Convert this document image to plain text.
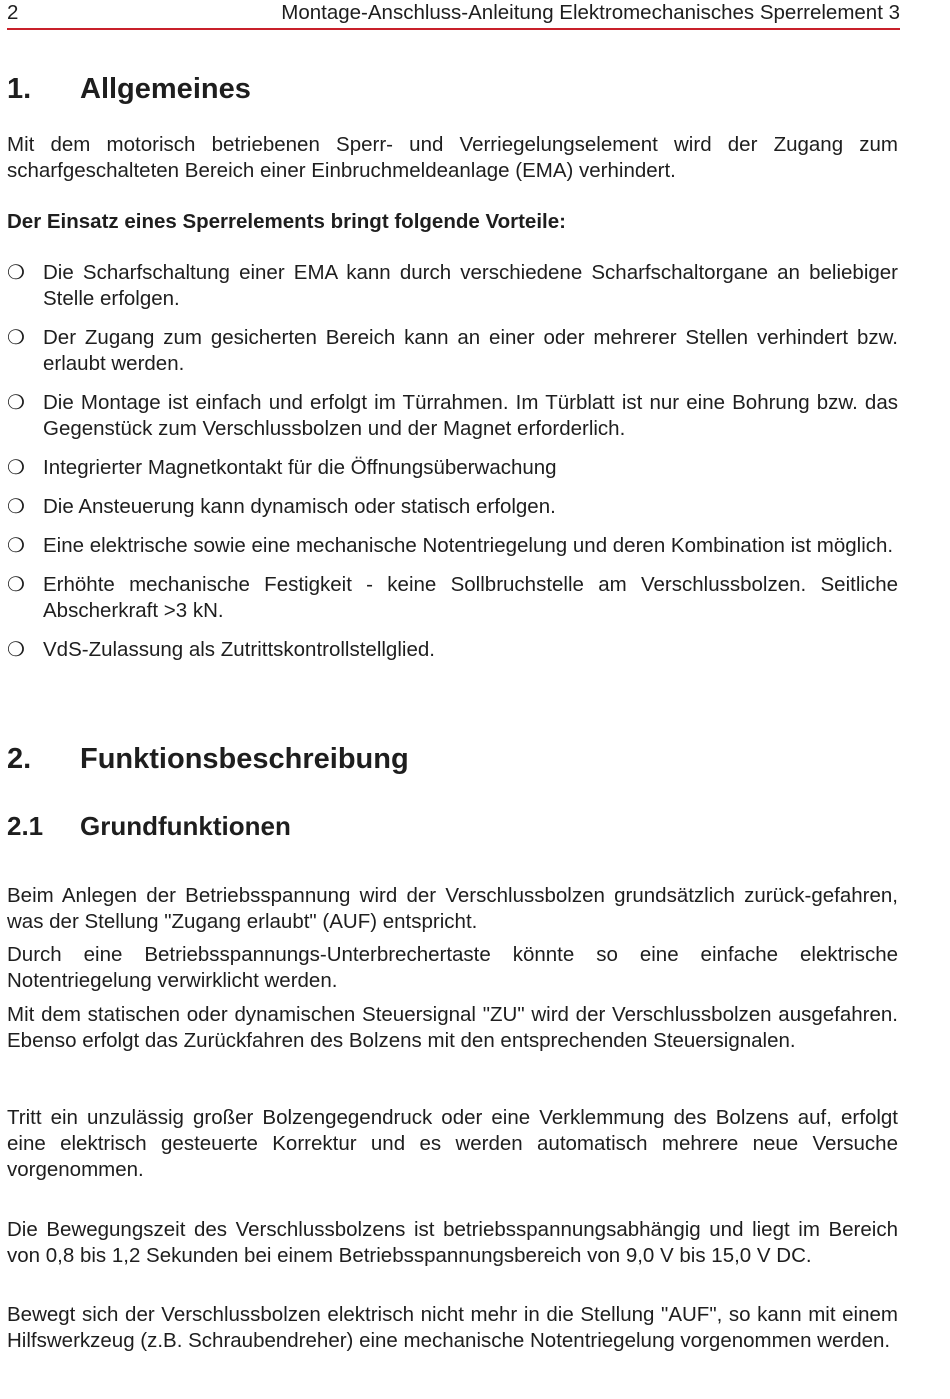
2	Montage-Anschluss-Anleitung Elektromechanisches Sperrelement 3
1. Allgemeines

Mit dem motorisch betriebenen Sperr- und Verriegelungselement wird der Zugang zum scharfgeschalteten Bereich einer Einbruchmeldeanlage (EMA) verhindert.

Der Einsatz eines Sperrelements bringt folgende Vorteile:

❍ Die Scharfschaltung einer EMA kann durch verschiedene Scharfschaltorgane an beliebiger Stelle erfolgen.
❍ Der Zugang zum gesicherten Bereich kann an einer oder mehrerer Stellen verhindert bzw. erlaubt werden.
❍ Die Montage ist einfach und erfolgt im Türrahmen. Im Türblatt ist nur eine Bohrung bzw. das Gegenstück zum Verschlussbolzen und der Magnet erforderlich.
❍ Integrierter Magnetkontakt für die Öffnungsüberwachung
❍ Die Ansteuerung kann dynamisch oder statisch erfolgen.
❍ Eine elektrische sowie eine mechanische Notentriegelung und deren Kombination ist möglich.
❍ Erhöhte mechanische Festigkeit - keine Sollbruchstelle am Verschlussbolzen. Seitliche Abscherkraft >3 kN.
❍ VdS-Zulassung als Zutrittskontrollstellglied.
2. Funktionsbeschreibung
2.1 Grundfunktionen

Beim Anlegen der Betriebsspannung wird der Verschlussbolzen grundsätzlich zurück-gefahren, was der Stellung "Zugang erlaubt" (AUF) entspricht.

Durch eine Betriebsspannungs-Unterbrechertaste könnte so eine einfache elektrische Notentriegelung verwirklicht werden.

Mit dem statischen oder dynamischen Steuersignal "ZU" wird der Verschlussbolzen ausgefahren. Ebenso erfolgt das Zurückfahren des Bolzens mit den entsprechenden Steuersignalen.

Tritt ein unzulässig großer Bolzengegendruck oder eine Verklemmung des Bolzens auf, erfolgt eine elektrisch gesteuerte Korrektur und es werden automatisch mehrere neue Versuche vorgenommen.

Die Bewegungszeit des Verschlussbolzens ist betriebsspannungsabhängig und liegt im Bereich von 0,8 bis 1,2 Sekunden bei einem Betriebsspannungsbereich von 9,0 V bis 15,0 V DC.

Bewegt sich der Verschlussbolzen elektrisch nicht mehr in die Stellung "AUF", so kann mit einem Hilfswerkzeug (z.B. Schraubendreher) eine mechanische Notentriegelung vorgenommen werden.
